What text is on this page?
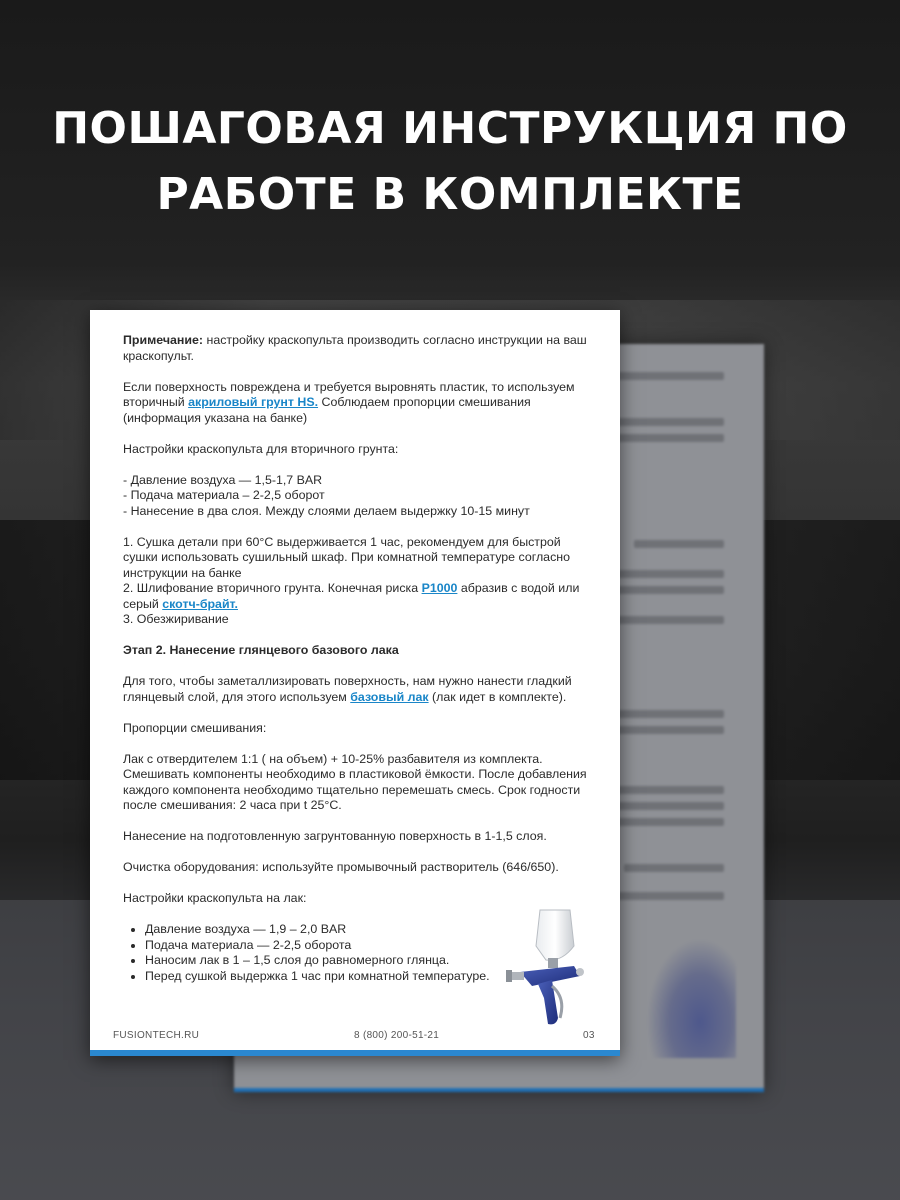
ПОШАГОВАЯ ИНСТРУКЦИЯ ПО
РАБОТЕ В КОМПЛЕКТЕ

Примечание: настройку краскопульта производить согласно инструкции на ваш краскопульт.

Если поверхность повреждена и требуется выровнять пластик, то используем вторичный акриловый грунт HS. Соблюдаем пропорции смешивания (информация указана на банке)

Настройки краскопульта для вторичного грунта:

- Давление воздуха — 1,5-1,7 BAR

- Подача материала – 2-2,5 оборот

- Нанесение в два слоя. Между слоями делаем выдержку 10-15 минут

1. Сушка детали при 60°C выдерживается 1 час, рекомендуем для быстрой сушки использовать сушильный шкаф. При комнатной температуре согласно инструкции на банке

2. Шлифование вторичного грунта. Конечная риска P1000 абразив с водой или серый скотч-брайт.

3. Обезжиривание

Этап 2. Нанесение глянцевого базового лака

Для того, чтобы заметаллизировать поверхность, нам нужно нанести гладкий глянцевый слой, для этого используем базовый лак (лак идет в комплекте).

Пропорции смешивания:

Лак с отвердителем 1:1 ( на объем) + 10-25% разбавителя из комплекта. Смешивать компоненты необходимо в пластиковой ёмкости. После добавления каждого компонента необходимо тщательно перемешать смесь. Срок годности после смешивания: 2 часа при t 25°C.

Нанесение на подготовленную загрунтованную поверхность в 1-1,5 слоя.

Очистка оборудования: используйте промывочный растворитель (646/650).

Настройки краскопульта на лак:

• Давление воздуха — 1,9 – 2,0 BAR
• Подача материала — 2-2,5 оборота
• Наносим лак в 1 – 1,5 слоя до равномерного глянца.
• Перед сушкой выдержка 1 час при комнатной температуре.
FUSIONTECH.RU	8 (800) 200-51-21	03
